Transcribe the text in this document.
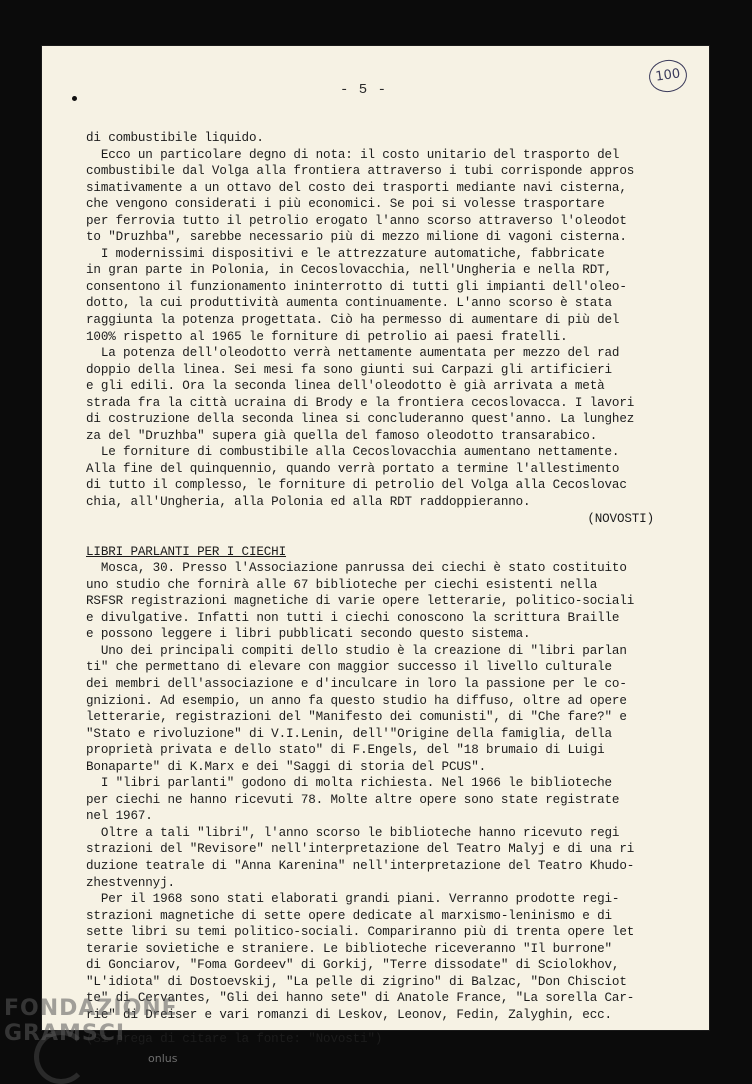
- 5 -
100
di combustibile liquido.
Ecco un particolare degno di nota: il costo unitario del trasporto del
combustibile dal Volga alla frontiera attraverso i tubi corrisponde appros
simativamente a un ottavo del costo dei trasporti mediante navi cisterna,
che vengono considerati i più economici. Se poi si volesse trasportare
per ferrovia tutto il petrolio erogato l'anno scorso attraverso l'oleodot
to "Druzhba", sarebbe necessario più di mezzo milione di vagoni cisterna.
I modernissimi dispositivi e le attrezzature automatiche, fabbricate
in gran parte in Polonia, in Cecoslovacchia, nell'Ungheria e nella RDT,
consentono il funzionamento ininterrotto di tutti gli impianti dell'oleo-
dotto, la cui produttività aumenta continuamente. L'anno scorso è stata
raggiunta la potenza progettata. Ciò ha permesso di aumentare di più del
100% rispetto al 1965 le forniture di petrolio ai paesi fratelli.
La potenza dell'oleodotto verrà nettamente aumentata per mezzo del rad
doppio della linea. Sei mesi fa sono giunti sui Carpazi gli artificieri
e gli edili. Ora la seconda linea dell'oleodotto è già arrivata a metà
strada fra la città ucraina di Brody e la frontiera cecoslovacca. I lavori
di costruzione della seconda linea si concluderanno quest'anno. La lunghez
za del "Druzhba" supera già quella del famoso oleodotto transarabico.
Le forniture di combustibile alla Cecoslovacchia aumentano nettamente.
Alla fine del quinquennio, quando verrà portato a termine l'allestimento
di tutto il complesso, le forniture di petrolio del Volga alla Cecoslovac
chia, all'Ungheria, alla Polonia ed alla RDT raddoppieranno.
(NOVOSTI)
LIBRI PARLANTI PER I CIECHI
Mosca, 30. Presso l'Associazione panrussa dei ciechi è stato costituito
uno studio che fornirà alle 67 biblioteche per ciechi esistenti nella
RSFSR registrazioni magnetiche di varie opere letterarie, politico-sociali
e divulgative. Infatti non tutti i ciechi conoscono la scrittura Braille
e possono leggere i libri pubblicati secondo questo sistema.
Uno dei principali compiti dello studio è la creazione di "libri parlan
ti" che permettano di elevare con maggior successo il livello culturale
dei membri dell'associazione e d'inculcare in loro la passione per le co-
gnizioni. Ad esempio, un anno fa questo studio ha diffuso, oltre ad opere
letterarie, registrazioni del "Manifesto dei comunisti", di "Che fare?" e
"Stato e rivoluzione" di V.I.Lenin, dell'"Origine della famiglia, della
proprietà privata e dello stato" di F.Engels, del "18 brumaio di Luigi
Bonaparte" di K.Marx e dei "Saggi di storia del PCUS".
I "libri parlanti" godono di molta richiesta. Nel 1966 le biblioteche
per ciechi ne hanno ricevuti 78. Molte altre opere sono state registrate
nel 1967.
Oltre a tali "libri", l'anno scorso le biblioteche hanno ricevuto regi
strazioni del "Revisore" nell'interpretazione del Teatro Malyj e di una ri
duzione teatrale di "Anna Karenina" nell'interpretazione del Teatro Khudo-
zhestvennyj.
Per il 1968 sono stati elaborati grandi piani. Verranno prodotte regi-
strazioni magnetiche di sette opere dedicate al marxismo-leninismo e di
sette libri su temi politico-sociali. Compariranno più di trenta opere let
terarie sovietiche e straniere. Le biblioteche riceveranno "Il burrone"
di Gonciarov, "Foma Gordeev" di Gorkij, "Terre dissodate" di Sciolokhov,
"L'idiota" di Dostoevskij, "La pelle di zigrino" di Balzac, "Don Chisciot
te" di Cervantes, "Gli dei hanno sete" di Anatole France, "La sorella Car-
rie" di Dreiser e vari romanzi di Leskov, Leonov, Fedin, Zalyghin, ecc.
(Si prega di citare la fonte: "Novosti")
FONDAZIONE GRAMSCI
onlus
